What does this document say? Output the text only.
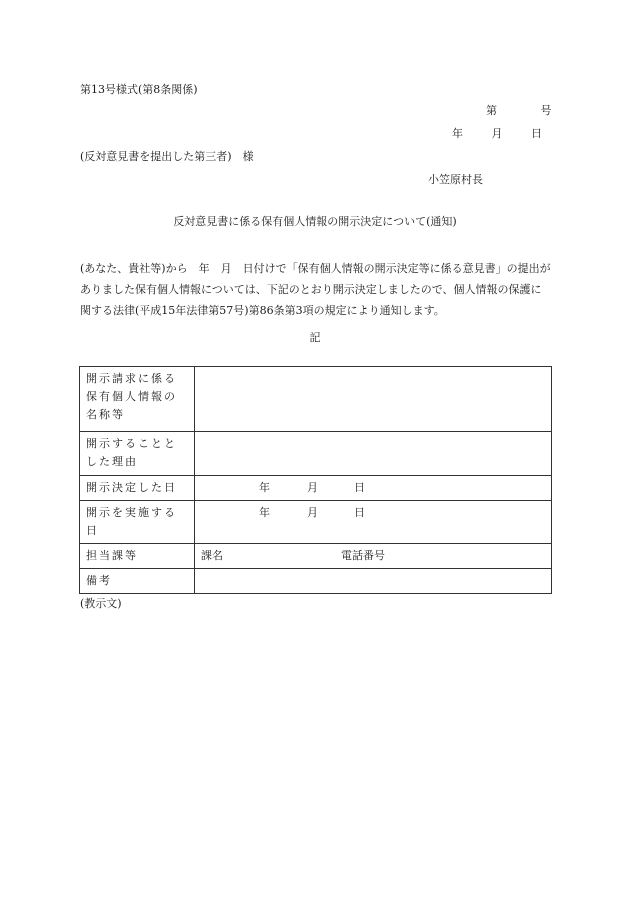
第13号様式(第8条関係)
第	号
年	月	日
(反対意見書を提出した第三者)　様
小笠原村長
反対意見書に係る保有個人情報の開示決定について(通知)
(あなた、貴社等)から　年　月　日付けで「保有個人情報の開示決定等に係る意見書」の提出がありました保有個人情報については、下記のとおり開示決定しましたので、個人情報の保護に関する法律(平成15年法律第57号)第86条第3項の規定により通知します。
記
開示請求に係る保有個人情報の名称等	
開示することとした理由	
開示決定した日	年 月 日

開示を実施する日	年 月 日

担当課等	課名 電話番号

備考	
(教示文)
